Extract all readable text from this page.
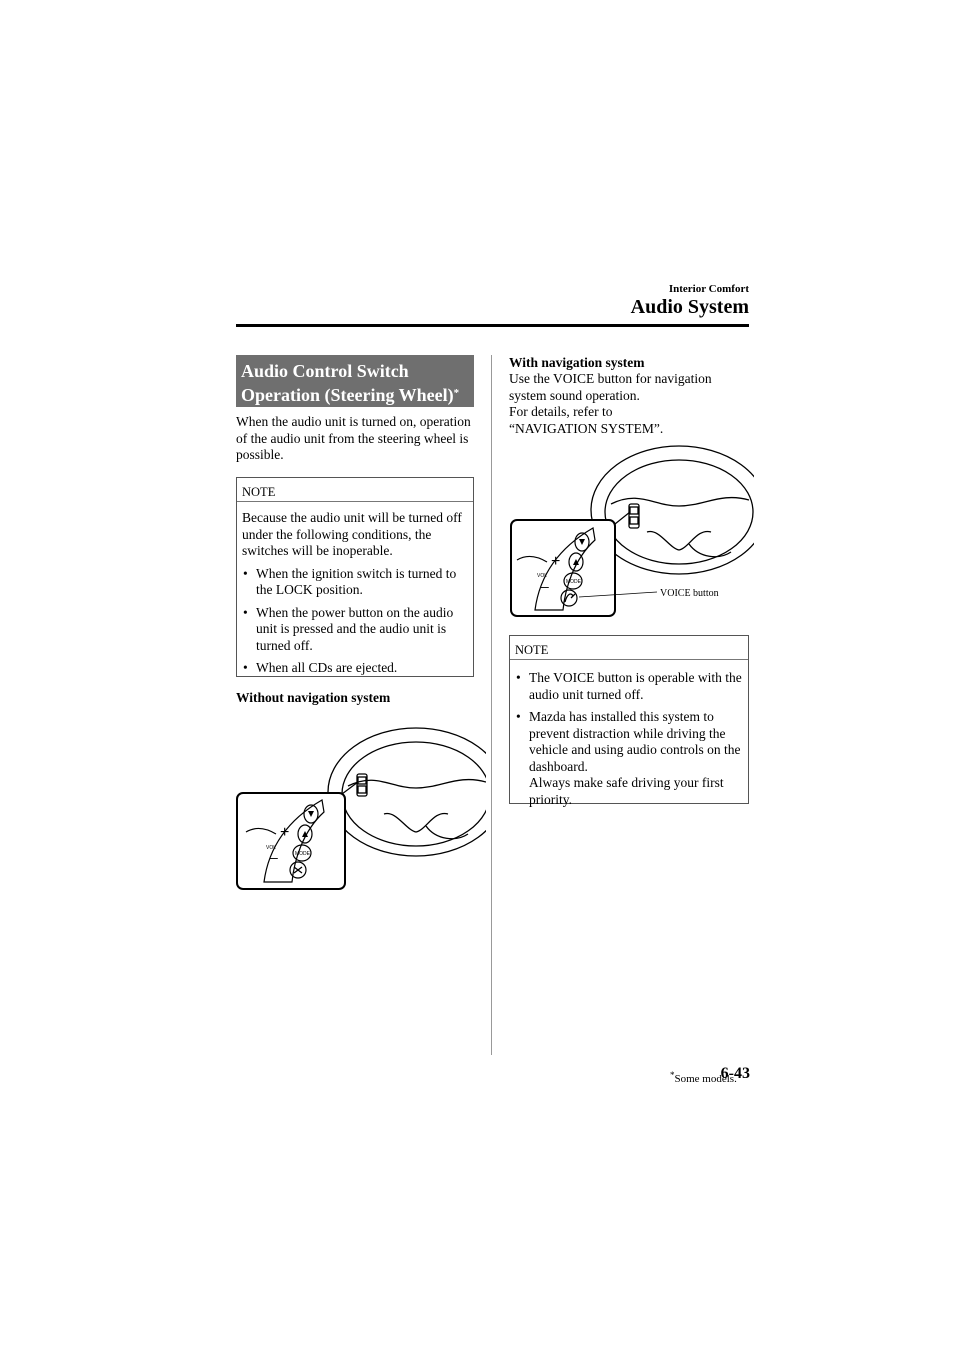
Interior Comfort
Audio System
Audio Control Switch
Operation (Steering Wheel)*
When the audio unit is turned on, operation of the audio unit from the steering wheel is possible.
NOTE
Because the audio unit will be turned off under the following conditions, the switches will be inoperable.
• When the ignition switch is turned to the LOCK position.
• When the power button on the audio unit is pressed and the audio unit is turned off.
• When all CDs are ejected.
Without navigation system
+
–
VOL
MODE
With navigation system
Use the VOICE button for navigation
system sound operation.
For details, refer to
“NAVIGATION SYSTEM”.
+
–
VOL
MODE
VOICE button
NOTE
• The VOICE button is operable with the audio unit turned off.
• Mazda has installed this system to prevent distraction while driving the vehicle and using audio controls on the dashboard.
Always make safe driving your first priority.
*Some models.
6-43
